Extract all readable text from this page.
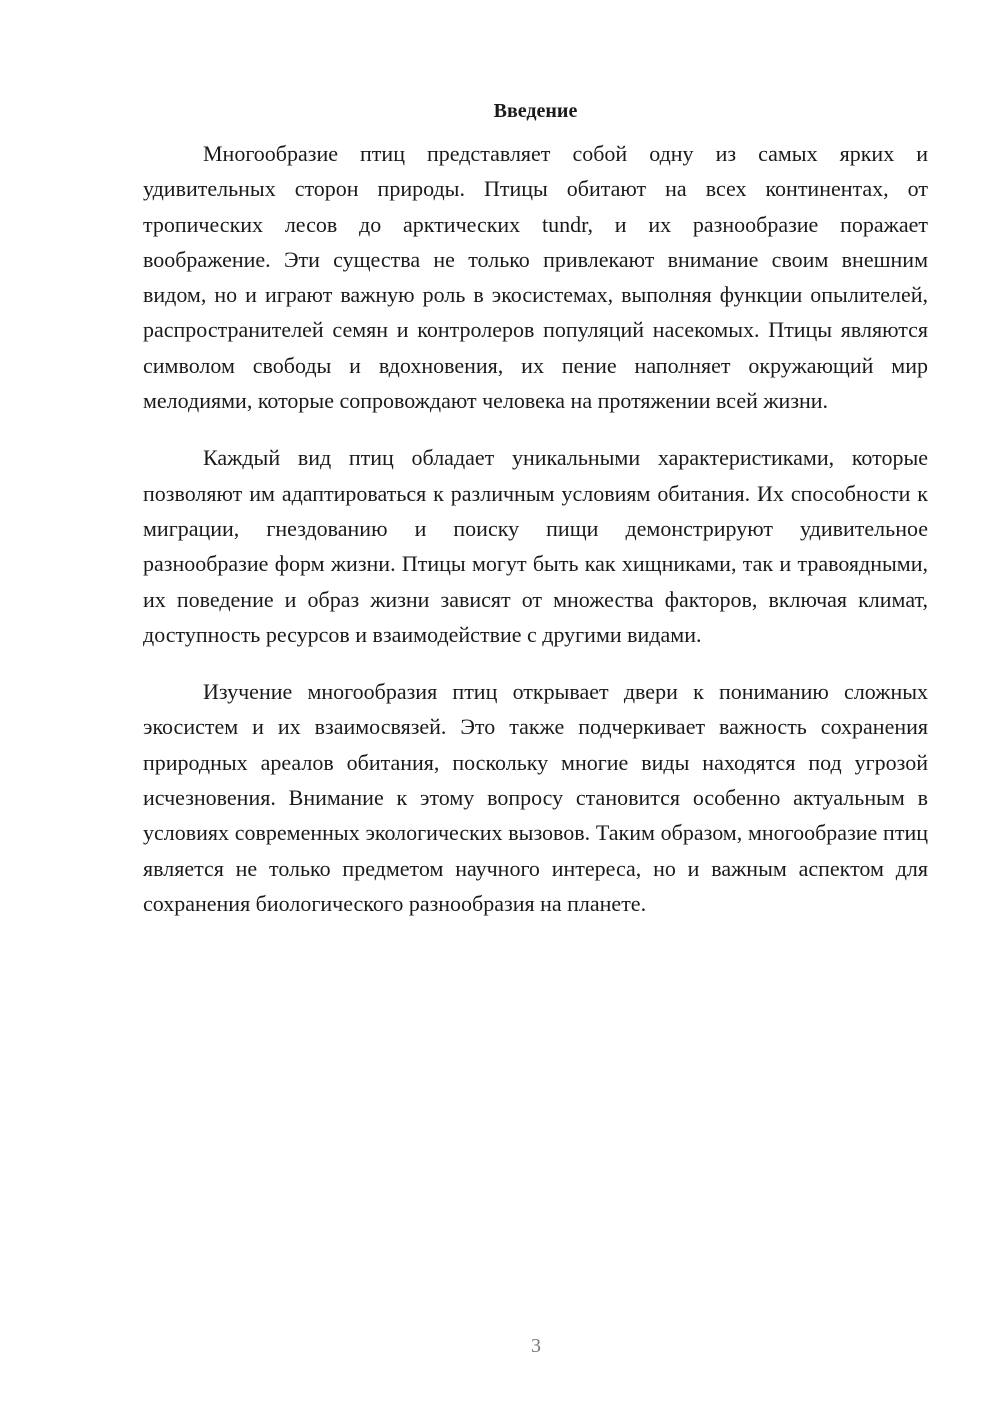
Введение

Многообразие птиц представляет собой одну из самых ярких и удивительных сторон природы. Птицы обитают на всех континентах, от тропических лесов до арктических tundr, и их разнообразие поражает воображение. Эти существа не только привлекают внимание своим внешним видом, но и играют важную роль в экосистемах, выполняя функции опылителей, распространителей семян и контролеров популяций насекомых. Птицы являются символом свободы и вдохновения, их пение наполняет окружающий мир мелодиями, которые сопровождают человека на протяжении всей жизни.

Каждый вид птиц обладает уникальными характеристиками, которые позволяют им адаптироваться к различным условиям обитания. Их способности к миграции, гнездованию и поиску пищи демонстрируют удивительное разнообразие форм жизни. Птицы могут быть как хищниками, так и травоядными, их поведение и образ жизни зависят от множества факторов, включая климат, доступность ресурсов и взаимодействие с другими видами.

Изучение многообразия птиц открывает двери к пониманию сложных экосистем и их взаимосвязей. Это также подчеркивает важность сохранения природных ареалов обитания, поскольку многие виды находятся под угрозой исчезновения. Внимание к этому вопросу становится особенно актуальным в условиях современных экологических вызовов. Таким образом, многообразие птиц является не только предметом научного интереса, но и важным аспектом для сохранения биологического разнообразия на планете.

3
